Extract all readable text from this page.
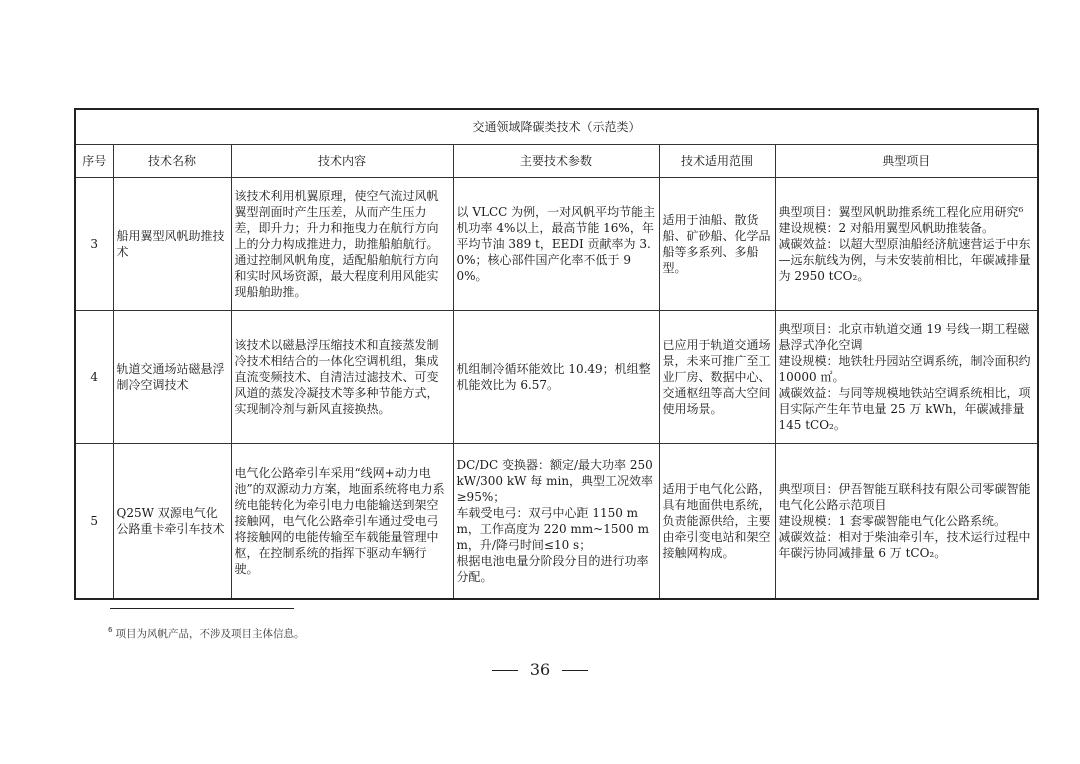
交通领域降碳类技术（示范类）					
序号	技术名称	技术内容	主要技术参数	技术适用范围	典型项目
3	船用翼型风帆助推技术	该技术利用机翼原理，使空气流过风帆翼型剖面时产生压差，从而产生压力差，即升力；升力和拖曳力在航行方向上的分力构成推进力，助推船舶航行。通过控制风帆角度，适配船舶航行方向和实时风场资源，最大程度利用风能实现船舶助推。	以 VLCC 为例，一对风帆平均节能主机功率 4%以上，最高节能 16%，年平均节油 389 t，EEDI 贡献率为 3.0%；核心部件国产化率不低于 90%。	适用于油船、散货船、矿砂船、化学品船等多系列、多船型。	典型项目：翼型风帆助推系统工程化应用研究⁶
建设规模：2 对船用翼型风帆助推装备。
减碳效益：以超大型原油船经济航速营运于中东—远东航线为例，与未安装前相比，年碳减排量为 2950 tCO₂。
4	轨道交通场站磁悬浮制冷空调技术	该技术以磁悬浮压缩技术和直接蒸发制冷技术相结合的一体化空调机组，集成直流变频技术、自清洁过滤技术、可变风道的蒸发冷凝技术等多种节能方式，实现制冷剂与新风直接换热。	机组制冷循环能效比 10.49；机组整机能效比为 6.57。	已应用于轨道交通场景，未来可推广至工业厂房、数据中心、交通枢纽等高大空间使用场景。	典型项目：北京市轨道交通 19 号线一期工程磁悬浮式净化空调
建设规模：地铁牡丹园站空调系统，制冷面积约 10000 ㎡。
减碳效益：与同等规模地铁站空调系统相比，项目实际产生年节电量 25 万 kWh，年碳减排量 145 tCO₂。
5	Q25W 双源电气化公路重卡牵引车技术	电气化公路牵引车采用“线网+动力电池”的双源动力方案，地面系统将电力系统电能转化为牵引电力电能输送到架空接触网，电气化公路牵引车通过受电弓将接触网的电能传输至车载能量管理中枢，在控制系统的指挥下驱动车辆行驶。	DC/DC 变换器：额定/最大功率 250 kW/300 kW 每 min，典型工况效率≥95%；
车载受电弓：双弓中心距 1150 mm，工作高度为 220 mm~1500 mm，升/降弓时间≤10 s；
根据电池电量分阶段分目的进行功率分配。	适用于电气化公路，具有地面供电系统，负责能源供给，主要由牵引变电站和架空接触网构成。	典型项目：伊吾智能互联科技有限公司零碳智能电气化公路示范项目
建设规模：1 套零碳智能电气化公路系统。
减碳效益：相对于柴油牵引车，技术运行过程中年碳污协同减排量 6 万 tCO₂。
$^6$ 项目为风帆产品，不涉及项目主体信息。
36
